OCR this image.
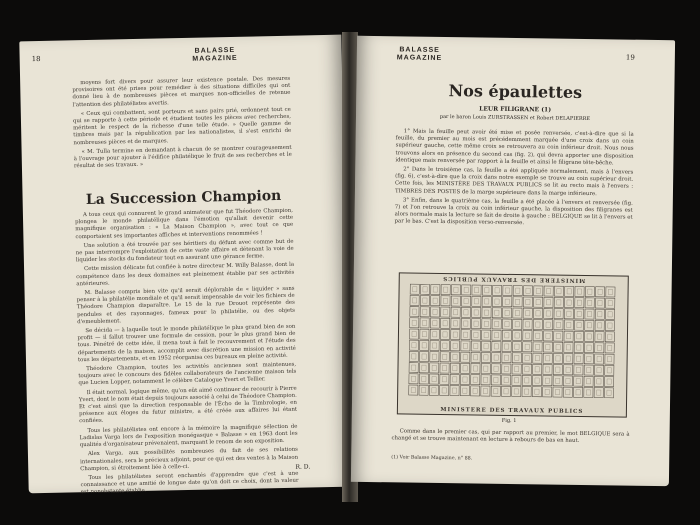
18
BALASSE
MAGAZINE

moyens fort divers pour assurer leur existence postale. Des mesures provisoires ont été prises pour remédier à des situations difficiles qui ont donné lieu à de nombreuses pièces et marques non-officielles de retenue l'attention des philatélistes avertis.

« Ceux qui combattent, sont porteurs et sans pairs prié, ordonnent tout ce qui se rapporte à cette période et étudient toutes les pièces avec recherches, méritent le respect de la richesse d'une telle étude. » Quelle gamme de timbres mais par la républication par les nationalistes, il s'est enrichi de nombreuses pièces et de marques.

« M. Tulla termine en demandant à chacun de se montrer courageusement à l'ouvrage pour ajouter à l'édifice philatélique le fruit de ses recherches et le résultat de ses travaux. »

La Succession Champion

A tous ceux qui connurent le grand animateur que fut Théodore Champion, plongea le monde philatélique dans l'émotion qu'allait devenir cette magnifique organisation : « La Maison Champion », avec tout ce que comportaient ses importantes affiches et interventions renommées !

Une solution a été trouvée par ses héritiers du défunt avec comme but de ne pas interrompre l'exploitation de cette vaste affaire et détenant la voie de liquider les stocks du fondateur tout en assurant une gérance ferme.

Cette mission délicate fut confiée à notre directeur M. Willy Balasse, dont la compétence dans les deux domaines est pleinement établie par ses activités antérieures.

M. Balasse compris bien vite qu'il serait déplorable de « liquider » sans penser à la philatélie mondiale et qu'il serait impensable de voir les fichiers de Théodore Champion disparaître. Le 15 de la rue Drouot représente des pendules et des rayonnages, fameux pour la philatélie, ou des objets d'emeublement.

Se décida — à laquelle tout le monde philatélique le plus grand bien de son profit — il fallut trouver une formule de cession, pour le plus grand bien de tous. Pénétré de cette idée, il mena tout à fait le recouvrement et l'étude des départements de la maison, accomplit avec discrétion une mission en activité tous les départements, et en 1952 réorganisa ces bureaux en pleine activité.

Théodore Champion, toutes les activités anciennes sont maintenues, toujours avec le concours des fidèles collaborateurs de l'ancienne maison tels que Lucien Lopper, notamment le célèbre Catalogue Yvert et Tellier.

Il était normal, logique même, qu'on eût aimé continuer de recourir à Pierre Yvert, dont le nom était depuis toujours associé à celui de Théodore Champion. Et c'est ainsi que la direction responsable de l'Écho de la Timbrologie, en présence aux éloges du futur ministre, a été créée aux affaires lui étant confiées.

Tous les philatélistes ont encore à la mémoire la magnifique sélection de Ladislas Varga lors de l'exposition monégasque « Balasse » en 1963 dont les qualités d'organisateur prévenaient, marquant le renom de son exposition.

Alex Varga, aux possibilités nombreuses du fait de ses relations internationales, sera le précieux adjoint, pour ce qui est des ventes à la Maison Champion, si étroitement liée à celle-ci.

Tous les philatélistes seront enchantés d'apprendre que c'est à une connaissance et une amitié de longue date qu'on doit ce choix, dont la valeur est nonobstante établie.

R. D.
BALASSE
MAGAZINE	19
Nos épaulettes
LEUR FILIGRANE (1)
par le baron Louis ZURSTRASSEN et Robert DELAPIERRE

1° Mais la feuille peut avoir été mise et posée renversée, c'est-à-dire que si la feuille, du premier au mois est précédemment marquée d'une croix dans un coin supérieur gauche, cette même croix se retrouvera au coin inférieur droit. Nous nous trouvons alors en présence du second cas (fig. 2), qui devra apporter une disposition identique mais renversée par rapport à la feuille et ainsi le filigrane tête-bêche.

2° Dans le troisième cas, la feuille a été appliquée normalement, mais à l'envers (fig. 6), c'est-à-dire que la croix dans notre exemple se trouve au coin supérieur droit. Cette fois, les MINISTÈRE DES TRAVAUX PUBLICS se lit au recto mais à l'envers : TIMBRES DES POSTES de la marge supérieure dans la marge inférieure.

3° Enfin, dans le quatrième cas, la feuille a été placée à l'envers et renversée (fig. 7) et l'on retrouve la croix au coin inférieur gauche, la disposition des filigranes est alors normale mais la lecture se fait de droite à gauche : BELGIQUE se lit à l'envers et par le bas. C'est la disposition verso-renversée.

MINISTERE DES TRAVAUX PUBLICS
MINISTERE DES TRAVAUX PUBLICS
Fig. 1

Comme dans le premier cas, qui par rapport au premier, le mot BELGIQUE sera à changé et se trouve maintenant en lecture à rebours de bas en haut.

(1) Voir Balasse Magazine, n° 88.
